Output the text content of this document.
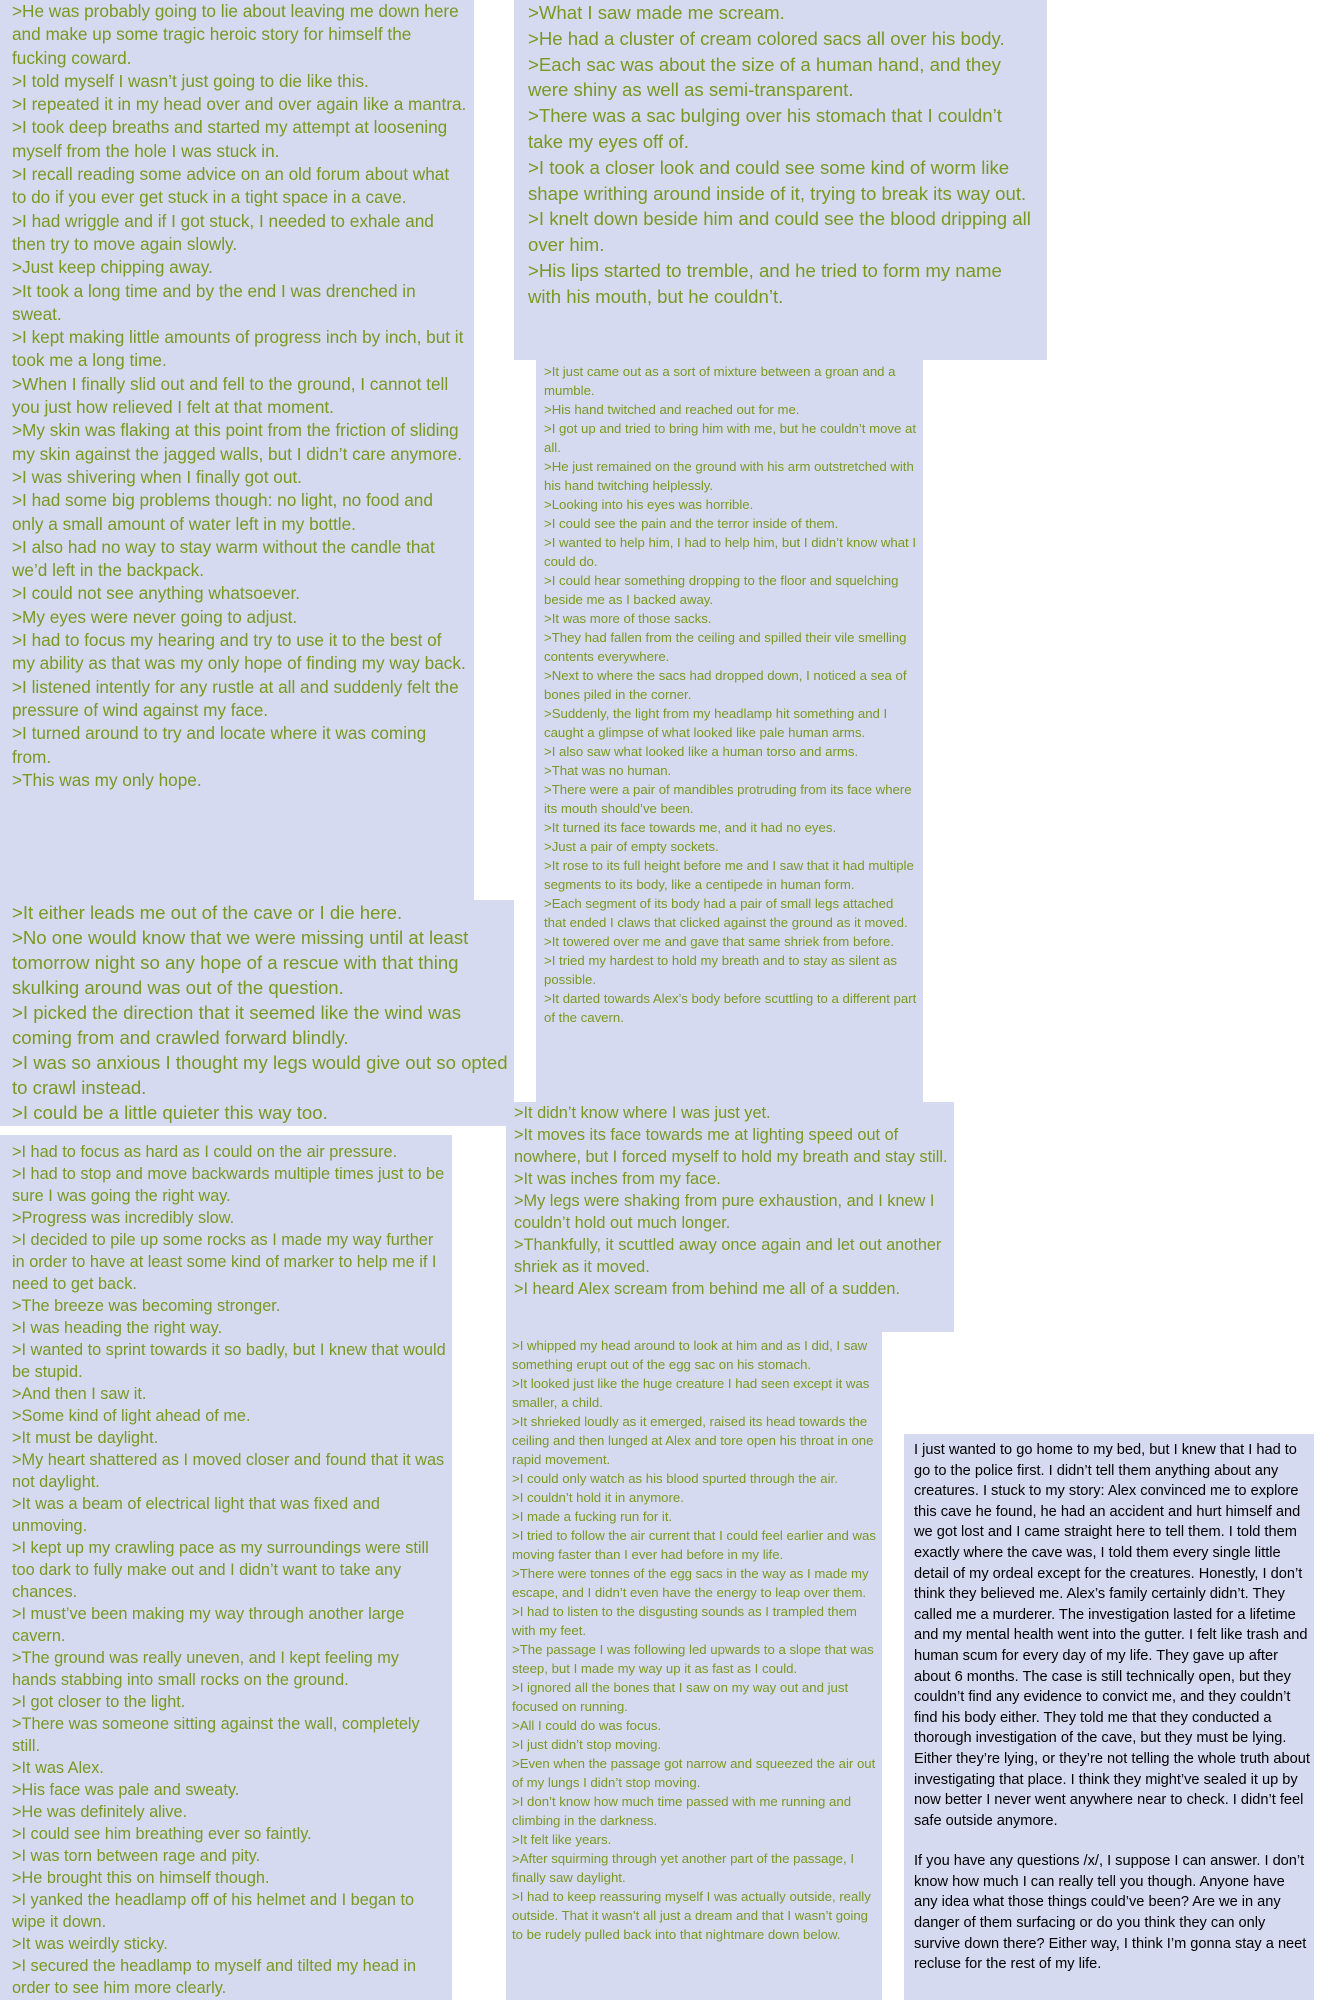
>He was probably going to lie about leaving me down here and make up some tragic heroic story for himself the fucking coward.
>I told myself I wasn’t just going to die like this.
>I repeated it in my head over and over again like a mantra.
>I took deep breaths and started my attempt at loosening myself from the hole I was stuck in.
>I recall reading some advice on an old forum about what to do if you ever get stuck in a tight space in a cave.
>I had wriggle and if I got stuck, I needed to exhale and then try to move again slowly.
>Just keep chipping away.
>It took a long time and by the end I was drenched in sweat.
>I kept making little amounts of progress inch by inch, but it took me a long time.
>When I finally slid out and fell to the ground, I cannot tell you just how relieved I felt at that moment.
>My skin was flaking at this point from the friction of sliding my skin against the jagged walls, but I didn’t care anymore.
>I was shivering when I finally got out.
>I had some big problems though: no light, no food and only a small amount of water left in my bottle.
>I also had no way to stay warm without the candle that we’d left in the backpack.
>I could not see anything whatsoever.
>My eyes were never going to adjust.
>I had to focus my hearing and try to use it to the best of my ability as that was my only hope of finding my way back.
>I listened intently for any rustle at all and suddenly felt the pressure of wind against my face.
>I turned around to try and locate where it was coming from.
>This was my only hope.
>It either leads me out of the cave or I die here.
>No one would know that we were missing until at least tomorrow night so any hope of a rescue with that thing skulking around was out of the question.
>I picked the direction that it seemed like the wind was coming from and crawled forward blindly.
>I was so anxious I thought my legs would give out so opted to crawl instead.
>I could be a little quieter this way too.
>I had to focus as hard as I could on the air pressure.
>I had to stop and move backwards multiple times just to be sure I was going the right way.
>Progress was incredibly slow.
>I decided to pile up some rocks as I made my way further in order to have at least some kind of marker to help me if I need to get back.
>The breeze was becoming stronger.
>I was heading the right way.
>I wanted to sprint towards it so badly, but I knew that would be stupid.
>And then I saw it.
>Some kind of light ahead of me.
>It must be daylight.
>My heart shattered as I moved closer and found that it was not daylight.
>It was a beam of electrical light that was fixed and unmoving.
>I kept up my crawling pace as my surroundings were still too dark to fully make out and I didn’t want to take any chances.
>I must’ve been making my way through another large cavern.
>The ground was really uneven, and I kept feeling my hands stabbing into small rocks on the ground.
>I got closer to the light.
>There was someone sitting against the wall, completely still.
>It was Alex.
>His face was pale and sweaty.
>He was definitely alive.
>I could see him breathing ever so faintly.
>I was torn between rage and pity.
>He brought this on himself though.
>I yanked the headlamp off of his helmet and I began to wipe it down.
>It was weirdly sticky.
>I secured the headlamp to myself and tilted my head in order to see him more clearly.
>What I saw made me scream.
>He had a cluster of cream colored sacs all over his body.
>Each sac was about the size of a human hand, and they were shiny as well as semi-transparent.
>There was a sac bulging over his stomach that I couldn’t take my eyes off of.
>I took a closer look and could see some kind of worm like shape writhing around inside of it, trying to break its way out.
>I knelt down beside him and could see the blood dripping all over him.
>His lips started to tremble, and he tried to form my name with his mouth, but he couldn’t.
>It just came out as a sort of mixture between a groan and a mumble.
>His hand twitched and reached out for me.
>I got up and tried to bring him with me, but he couldn’t move at all.
>He just remained on the ground with his arm outstretched with his hand twitching helplessly.
>Looking into his eyes was horrible.
>I could see the pain and the terror inside of them.
>I wanted to help him, I had to help him, but I didn’t know what I could do.
>I could hear something dropping to the floor and squelching beside me as I backed away.
>It was more of those sacks.
>They had fallen from the ceiling and spilled their vile smelling contents everywhere.
>Next to where the sacs had dropped down, I noticed a sea of bones piled in the corner.
>Suddenly, the light from my headlamp hit something and I caught a glimpse of what looked like pale human arms.
>I also saw what looked like a human torso and arms.
>That was no human.
>There were a pair of mandibles protruding from its face where its mouth should’ve been.
>It turned its face towards me, and it had no eyes.
>Just a pair of empty sockets.
>It rose to its full height before me and I saw that it had multiple segments to its body, like a centipede in human form.
>Each segment of its body had a pair of small legs attached that ended I claws that clicked against the ground as it moved.
>It towered over me and gave that same shriek from before.
>I tried my hardest to hold my breath and to stay as silent as possible.
>It darted towards Alex’s body before scuttling to a different part of the cavern.
>It didn’t know where I was just yet.
>It moves its face towards me at lighting speed out of nowhere, but I forced myself to hold my breath and stay still.
>It was inches from my face.
>My legs were shaking from pure exhaustion, and I knew I couldn’t hold out much longer.
>Thankfully, it scuttled away once again and let out another shriek as it moved.
>I heard Alex scream from behind me all of a sudden.
>I whipped my head around to look at him and as I did, I saw something erupt out of the egg sac on his stomach.
>It looked just like the huge creature I had seen except it was smaller, a child.
>It shrieked loudly as it emerged, raised its head towards the ceiling and then lunged at Alex and tore open his throat in one rapid movement.
>I could only watch as his blood spurted through the air.
>I couldn’t hold it in anymore.
>I made a fucking run for it.
>I tried to follow the air current that I could feel earlier and was moving faster than I ever had before in my life.
>There were tonnes of the egg sacs in the way as I made my escape, and I didn’t even have the energy to leap over them.
>I had to listen to the disgusting sounds as I trampled them with my feet.
>The passage I was following led upwards to a slope that was steep, but I made my way up it as fast as I could.
>I ignored all the bones that I saw on my way out and just focused on running.
>All I could do was focus.
>I just didn’t stop moving.
>Even when the passage got narrow and squeezed the air out of my lungs I didn’t stop moving.
>I don’t know how much time passed with me running and climbing in the darkness.
>It felt like years.
>After squirming through yet another part of the passage, I finally saw daylight.
>I had to keep reassuring myself I was actually outside, really outside. That it wasn’t all just a dream and that I wasn’t going to be rudely pulled back into that nightmare down below.
I just wanted to go home to my bed, but I knew that I had to go to the police first. I didn’t tell them anything about any creatures. I stuck to my story: Alex convinced me to explore this cave he found, he had an accident and hurt himself and we got lost and I came straight here to tell them. I told them exactly where the cave was, I told them every single little detail of my ordeal except for the creatures. Honestly, I don’t think they believed me. Alex’s family certainly didn’t. They called me a murderer. The investigation lasted for a lifetime and my mental health went into the gutter. I felt like trash and human scum for every day of my life. They gave up after about 6 months. The case is still technically open, but they couldn’t find any evidence to convict me, and they couldn’t find his body either. They told me that they conducted a thorough investigation of the cave, but they must be lying. Either they’re lying, or they’re not telling the whole truth about investigating that place. I think they might’ve sealed it up by now better I never went anywhere near to check. I didn’t feel safe outside anymore.
If you have any questions /x/, I suppose I can answer. I don’t know how much I can really tell you though. Anyone have any idea what those things could’ve been? Are we in any danger of them surfacing or do you think they can only survive down there? Either way, I think I’m gonna stay a neet recluse for the rest of my life.
